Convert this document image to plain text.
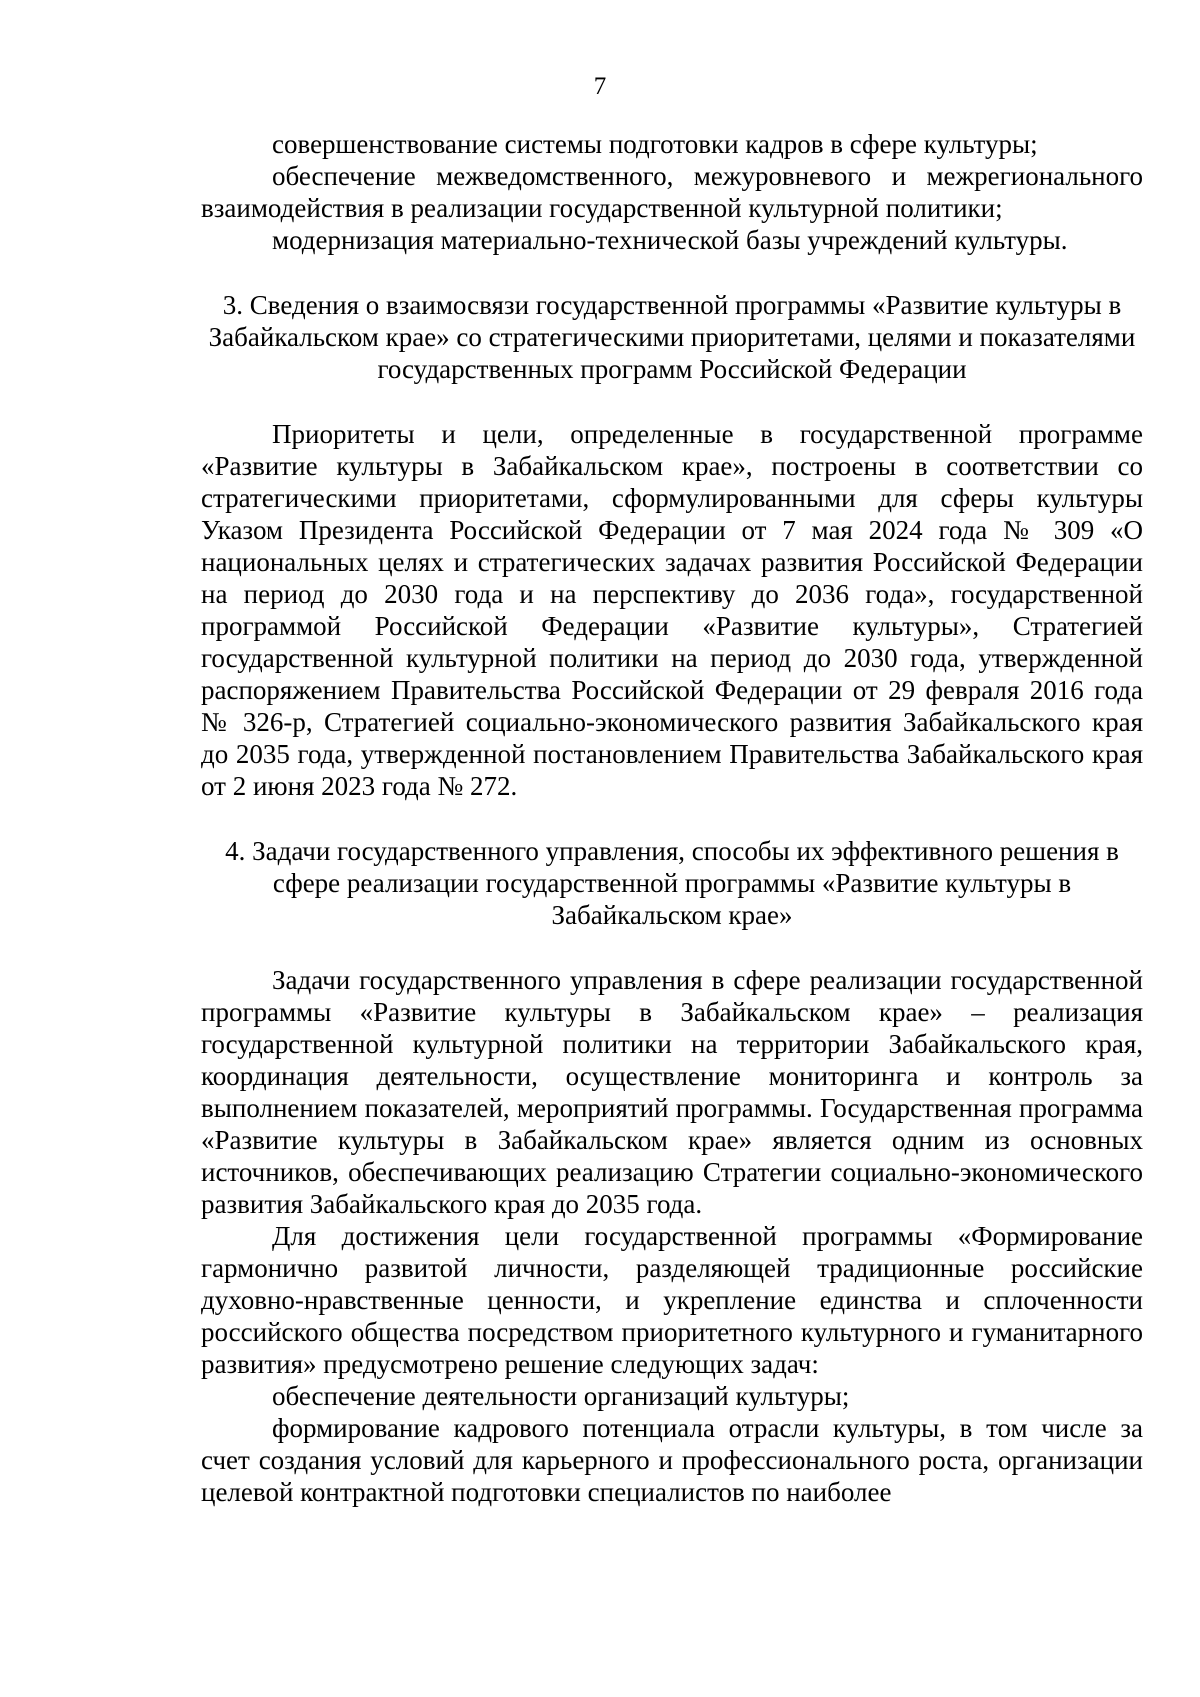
7

совершенствование системы подготовки кадров в сфере культуры;

обеспечение межведомственного, межуровневого и межрегионального взаимодействия в реализации государственной культурной политики;

модернизация материально-технической базы учреждений культуры.

3. Сведения о взаимосвязи государственной программы «Развитие культуры в Забайкальском крае» со стратегическими приоритетами, целями и показателями государственных программ Российской Федерации

Приоритеты и цели, определенные в государственной программе «Развитие культуры в Забайкальском крае», построены в соответствии со стратегическими приоритетами, сформулированными для сферы культуры Указом Президента Российской Федерации от 7 мая 2024 года № 309 «О национальных целях и стратегических задачах развития Российской Федерации на период до 2030 года и на перспективу до 2036 года», государственной программой Российской Федерации «Развитие культуры», Стратегией государственной культурной политики на период до 2030 года, утвержденной распоряжением Правительства Российской Федерации от 29 февраля 2016 года № 326-р, Стратегией социально-экономического развития Забайкальского края до 2035 года, утвержденной постановлением Правительства Забайкальского края от 2 июня 2023 года № 272.

4. Задачи государственного управления, способы их эффективного решения в сфере реализации государственной программы «Развитие культуры в Забайкальском крае»

Задачи государственного управления в сфере реализации государственной программы «Развитие культуры в Забайкальском крае» – реализация государственной культурной политики на территории Забайкальского края, координация деятельности, осуществление мониторинга и контроль за выполнением показателей, мероприятий программы. Государственная программа «Развитие культуры в Забайкальском крае» является одним из основных источников, обеспечивающих реализацию Стратегии социально-экономического развития Забайкальского края до 2035 года.

Для достижения цели государственной программы «Формирование гармонично развитой личности, разделяющей традиционные российские духовно-нравственные ценности, и укрепление единства и сплоченности российского общества посредством приоритетного культурного и гуманитарного развития» предусмотрено решение следующих задач:

обеспечение деятельности организаций культуры;

формирование кадрового потенциала отрасли культуры, в том числе за счет создания условий для карьерного и профессионального роста, организации целевой контрактной подготовки специалистов по наиболее
